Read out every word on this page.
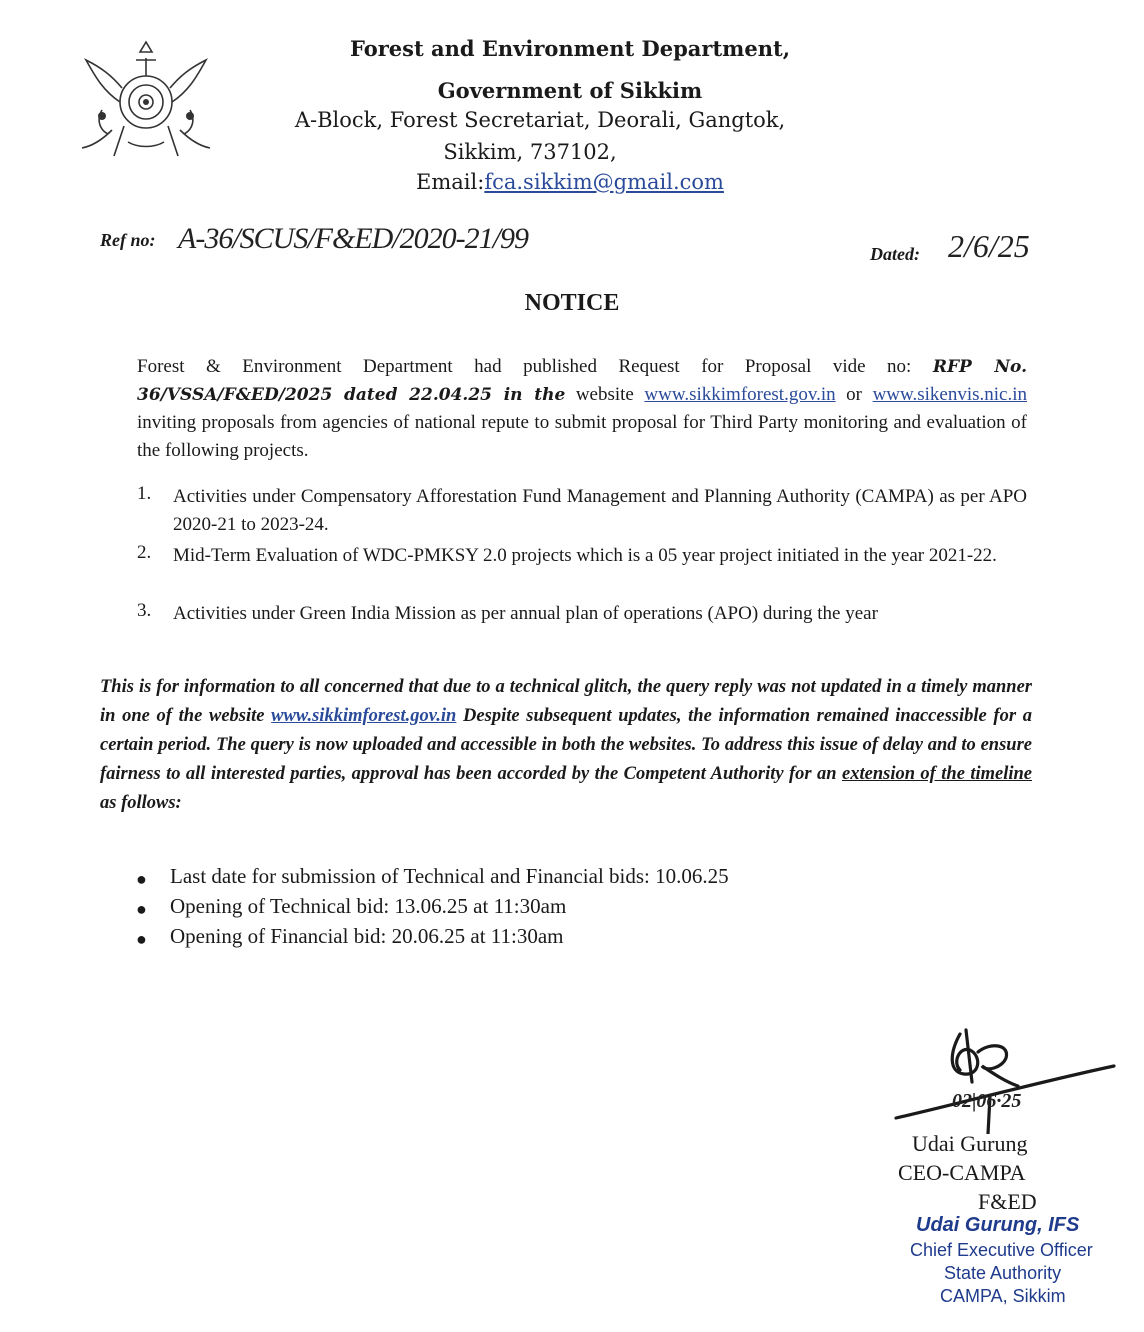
Forest and Environment Department,
Government of Sikkim
A-Block, Forest Secretariat, Deorali, Gangtok,
Sikkim, 737102,
Email:fca.sikkim@gmail.com
Ref no: A-36/SCUS/F&ED/2020-21/99	Dated: 2/6/25
NOTICE
Forest & Environment Department had published Request for Proposal vide no: RFP No. 36/VSSA/F&ED/2025 dated 22.04.25 in the website www.sikkimforest.gov.in or www.sikenvis.nic.in inviting proposals from agencies of national repute to submit proposal for Third Party monitoring and evaluation of the following projects.
1. Activities under Compensatory Afforestation Fund Management and Planning Authority (CAMPA) as per APO 2020-21 to 2023-24.
2. Mid-Term Evaluation of WDC-PMKSY 2.0 projects which is a 05 year project initiated in the year 2021-22.
3. Activities under Green India Mission as per annual plan of operations (APO) during the year
This is for information to all concerned that due to a technical glitch, the query reply was not updated in a timely manner in one of the website www.sikkimforest.gov.in Despite subsequent updates, the information remained inaccessible for a certain period. The query is now uploaded and accessible in both the websites. To address this issue of delay and to ensure fairness to all interested parties, approval has been accorded by the Competent Authority for an extension of the timeline as follows:
● Last date for submission of Technical and Financial bids: 10.06.25
● Opening of Technical bid: 13.06.25 at 11:30am
● Opening of Financial bid: 20.06.25 at 11:30am
02|06·25
Udai Gurung
CEO-CAMPA
F&ED
Udai Gurung, IFS
Chief Executive Officer
State Authority
CAMPA, Sikkim
